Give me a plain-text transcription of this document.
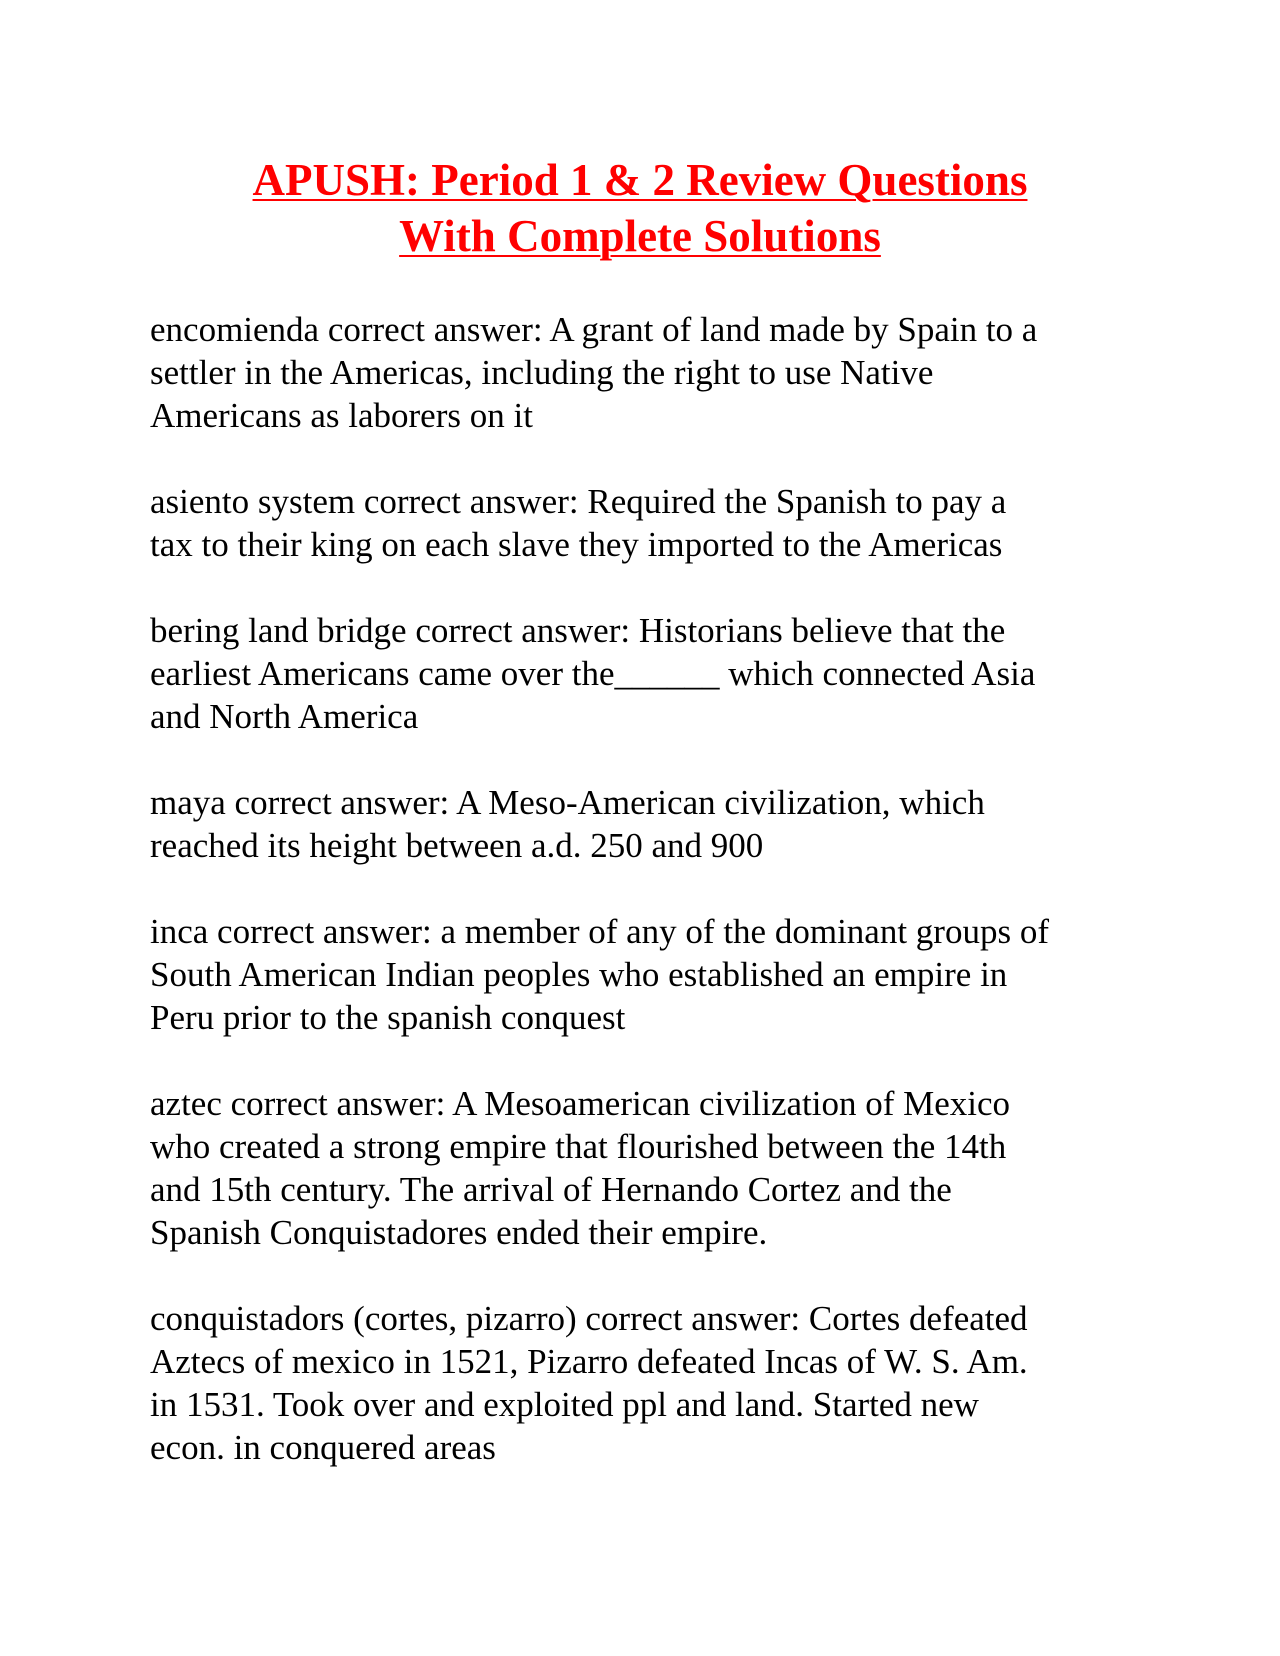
APUSH: Period 1 & 2 Review Questions
With Complete Solutions

encomienda correct answer: A grant of land made by Spain to a
settler in the Americas, including the right to use Native
Americans as laborers on it

asiento system correct answer: Required the Spanish to pay a
tax to their king on each slave they imported to the Americas

bering land bridge correct answer: Historians believe that the
earliest Americans came over the______ which connected Asia
and North America

maya correct answer: A Meso-American civilization, which
reached its height between a.d. 250 and 900

inca correct answer: a member of any of the dominant groups of
South American Indian peoples who established an empire in
Peru prior to the spanish conquest

aztec correct answer: A Mesoamerican civilization of Mexico
who created a strong empire that flourished between the 14th
and 15th century. The arrival of Hernando Cortez and the
Spanish Conquistadores ended their empire.

conquistadors (cortes, pizarro) correct answer: Cortes defeated
Aztecs of mexico in 1521, Pizarro defeated Incas of W. S. Am.
in 1531. Took over and exploited ppl and land. Started new
econ. in conquered areas
